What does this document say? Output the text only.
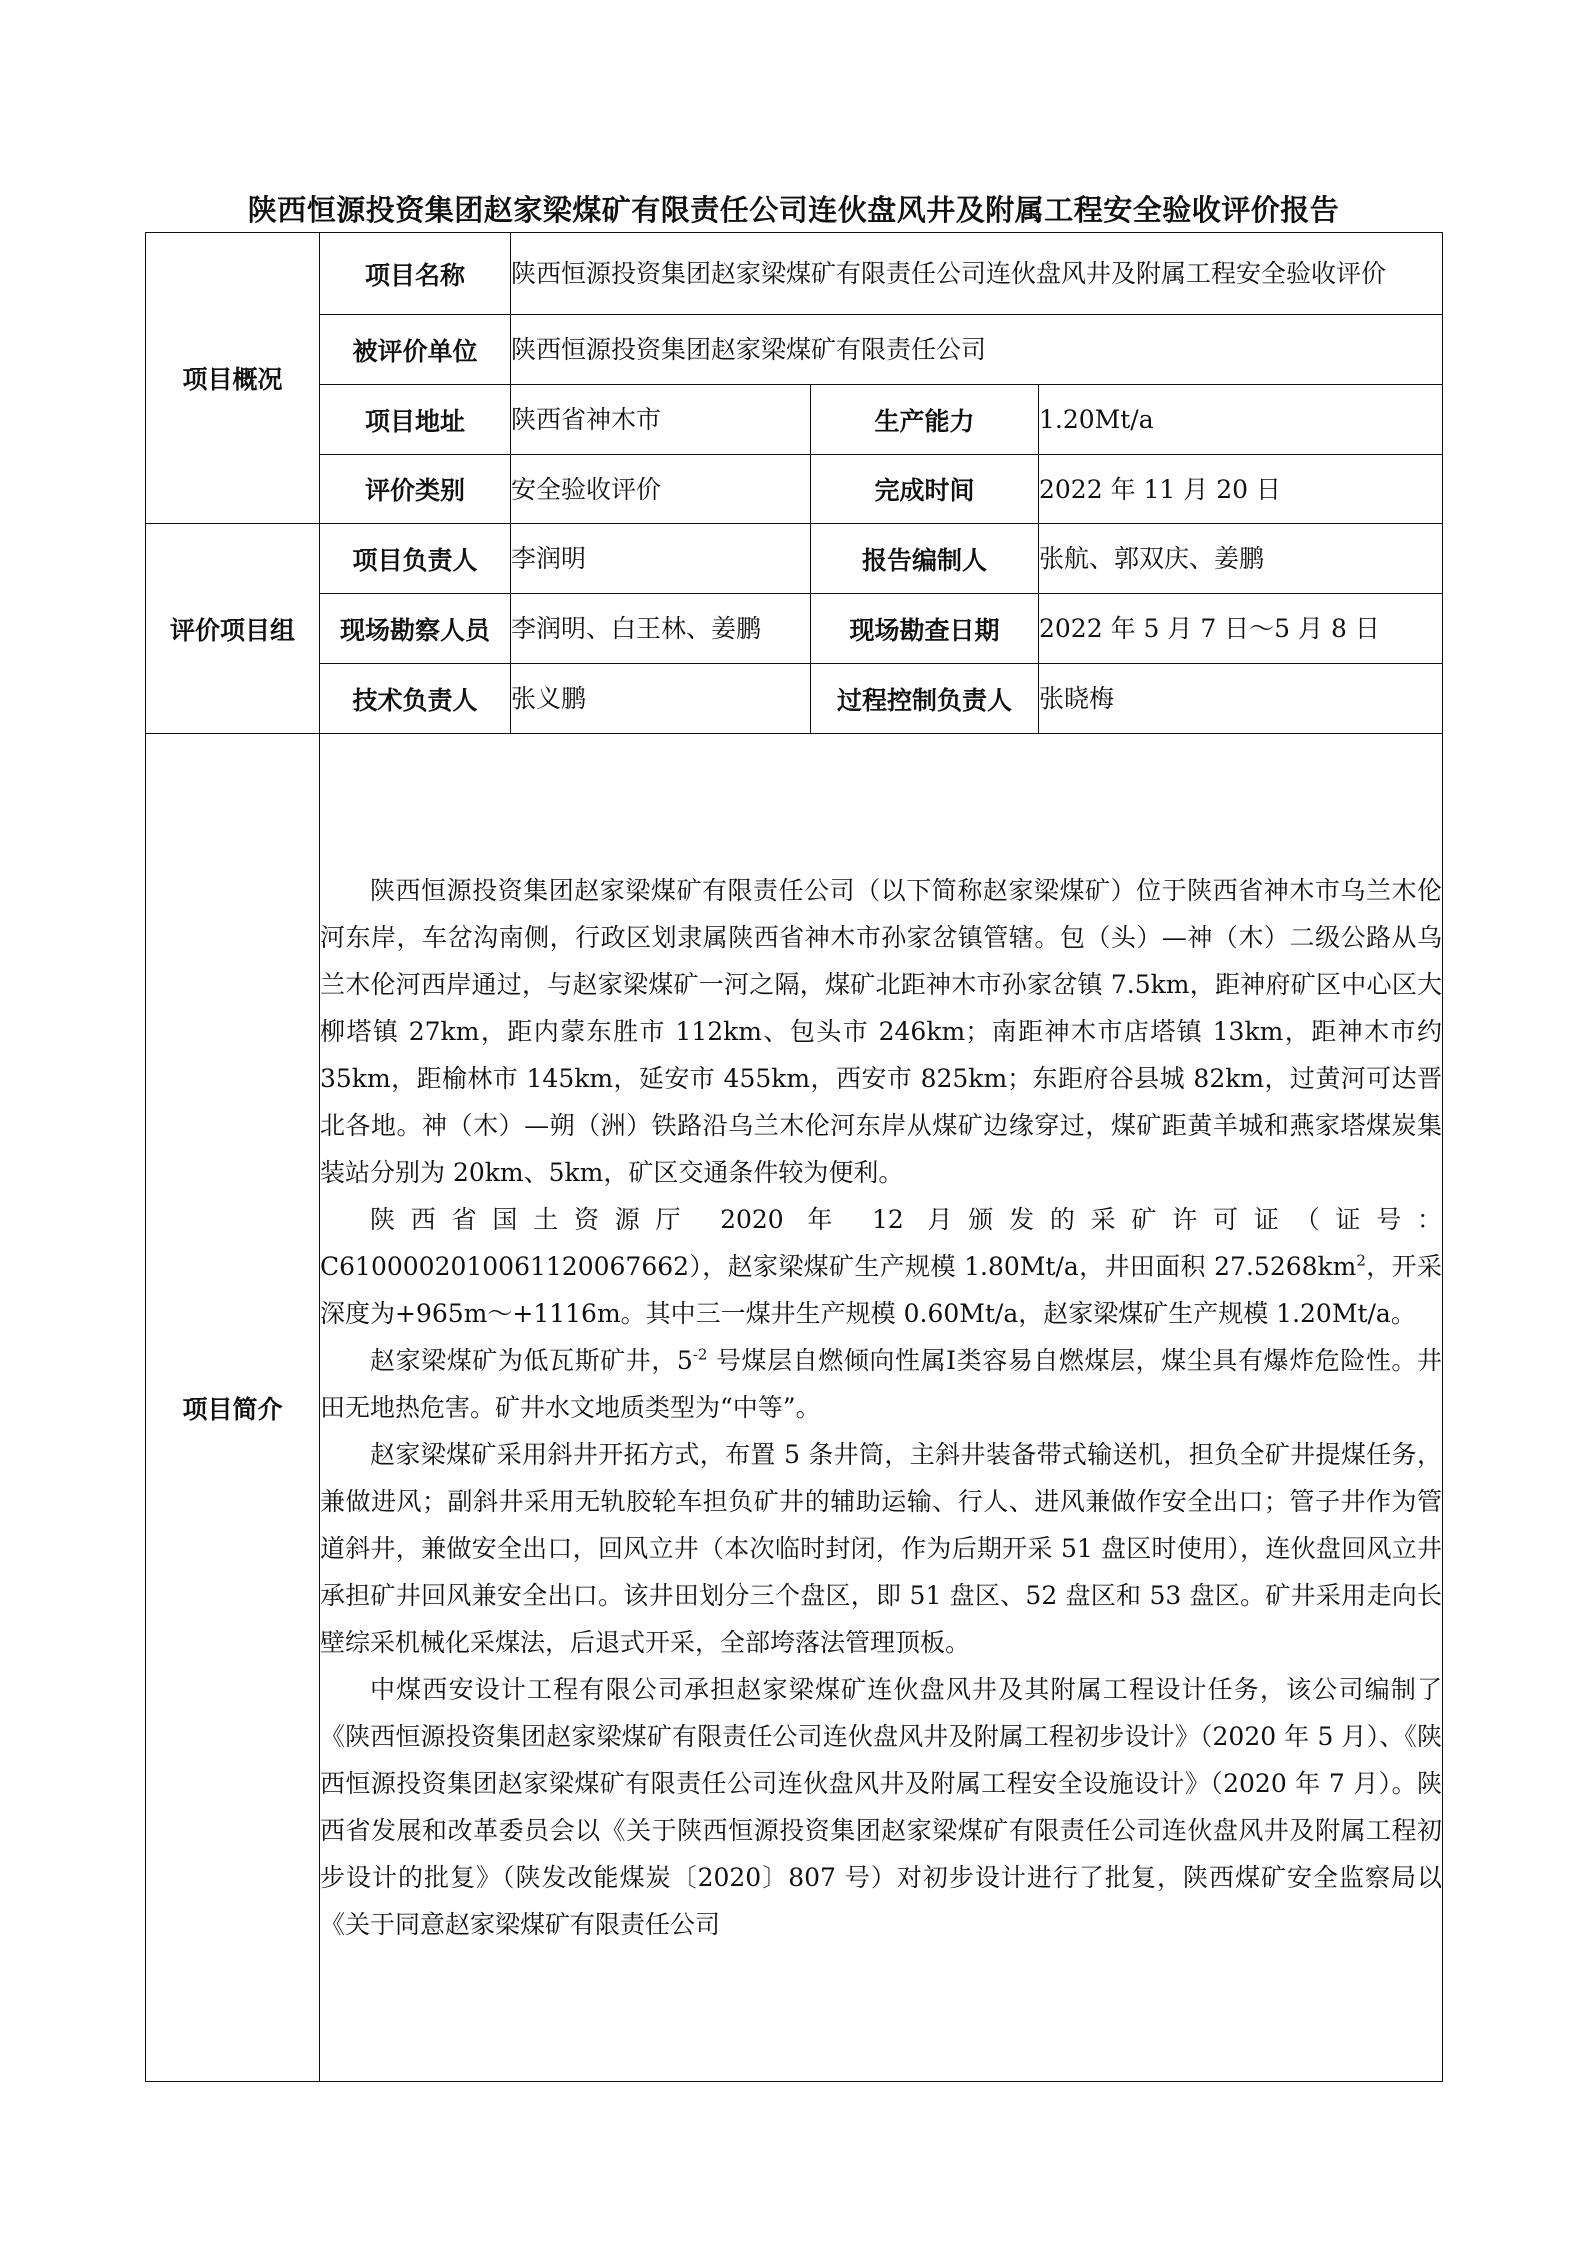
陕西恒源投资集团赵家梁煤矿有限责任公司连伙盘风井及附属工程安全验收评价报告
项目概况	项目名称	陕西恒源投资集团赵家梁煤矿有限责任公司连伙盘风井及附属工程安全验收评价		
	被评价单位	陕西恒源投资集团赵家梁煤矿有限责任公司		
	项目地址	陕西省神木市	生产能力	1.20Mt/a
	评价类别	安全验收评价	完成时间	2022 年 11 月 20 日
评价项目组	项目负责人	李润明	报告编制人	张航、郭双庆、姜鹏
	现场勘察人员	李润明、白王林、姜鹏	现场勘查日期	2022 年 5 月 7 日～5 月 8 日
	技术负责人	张义鹏	过程控制负责人	张晓梅
项目简介	陕西恒源投资集团赵家梁煤矿有限责任公司（以下简称赵家梁煤矿）位于陕西省神木市乌兰木伦河东岸，车岔沟南侧，行政区划隶属陕西省神木市孙家岔镇管辖。包（头）—神（木）二级公路从乌兰木伦河西岸通过，与赵家梁煤矿一河之隔，煤矿北距神木市孙家岔镇 7.5km，距神府矿区中心区大柳塔镇 27km，距内蒙东胜市 112km、包头市 246km；南距神木市店塔镇 13km，距神木市约 35km，距榆林市 145km，延安市 455km，西安市 825km；东距府谷县城 82km，过黄河可达晋北各地。神（木）—朔（洲）铁路沿乌兰木伦河东岸从煤矿边缘穿过，煤矿距黄羊城和燕家塔煤炭集装站分别为 20km、5km，矿区交通条件较为便利。

陕西省国土资源厅 2020 年 12 月颁发的采矿许可证（证号：C6100002010061120067662），赵家梁煤矿生产规模 1.80Mt/a，井田面积 $27.5268km^2$，开采深度为+965m～+1116m。其中三一煤井生产规模 0.60Mt/a，赵家梁煤矿生产规模 1.20Mt/a。

赵家梁煤矿为低瓦斯矿井，$5^{-2}$ 号煤层自燃倾向性属Ⅰ类容易自燃煤层，煤尘具有爆炸危险性。井田无地热危害。矿井水文地质类型为“中等”。

赵家梁煤矿采用斜井开拓方式，布置 5 条井筒，主斜井装备带式输送机，担负全矿井提煤任务，兼做进风；副斜井采用无轨胶轮车担负矿井的辅助运输、行人、进风兼做作安全出口；管子井作为管道斜井，兼做安全出口，回风立井（本次临时封闭，作为后期开采 51 盘区时使用），连伙盘回风立井承担矿井回风兼安全出口。该井田划分三个盘区，即 51 盘区、52 盘区和 53 盘区。矿井采用走向长壁综采机械化采煤法，后退式开采，全部垮落法管理顶板。

中煤西安设计工程有限公司承担赵家梁煤矿连伙盘风井及其附属工程设计任务，该公司编制了《陕西恒源投资集团赵家梁煤矿有限责任公司连伙盘风井及附属工程初步设计》（2020 年 5 月）、《陕西恒源投资集团赵家梁煤矿有限责任公司连伙盘风井及附属工程安全设施设计》（2020 年 7 月）。陕西省发展和改革委员会以《关于陕西恒源投资集团赵家梁煤矿有限责任公司连伙盘风井及附属工程初步设计的批复》（陕发改能煤炭〔2020〕807 号）对初步设计进行了批复，陕西煤矿安全监察局以《关于同意赵家梁煤矿有限责任公司			
